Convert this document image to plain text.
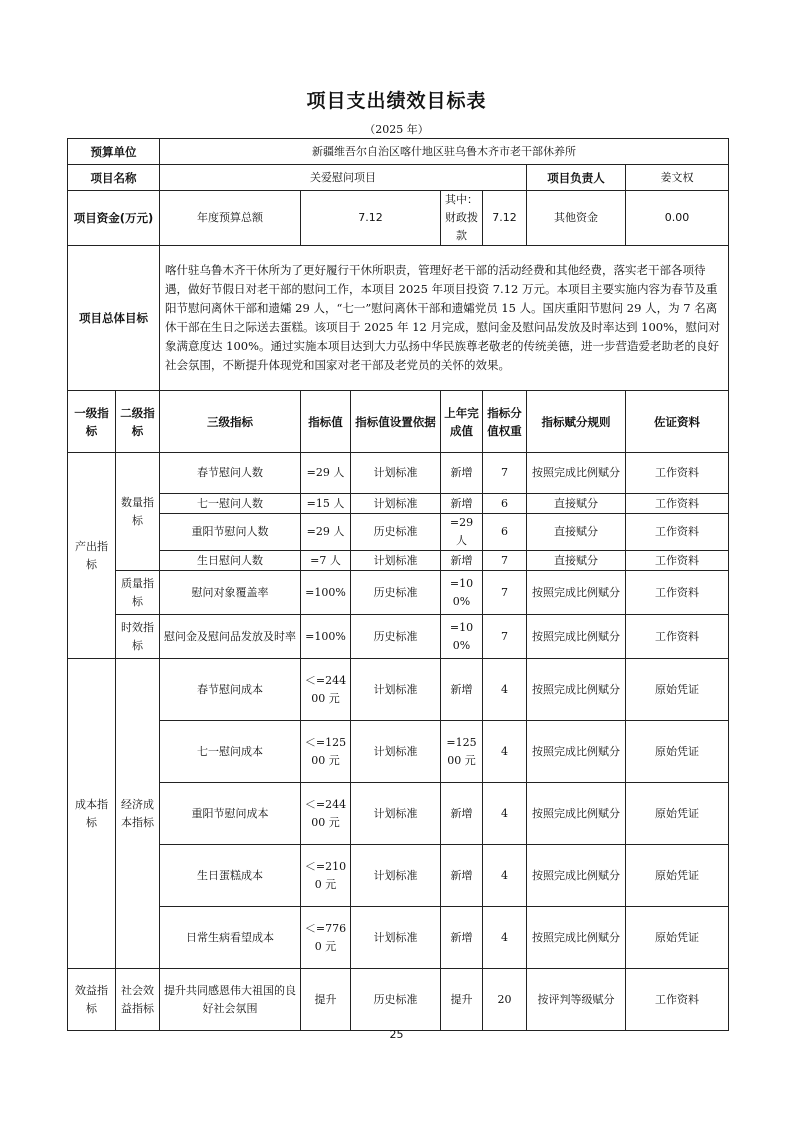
项目支出绩效目标表
（2025 年）
预算单位		新疆维吾尔自治区喀什地区驻乌鲁木齐市老干部休养所						
项目名称		关爱慰问项目					项目负责人	姜文权
项目资金(万元)		年度预算总额	7.12		其中：财政拨款	7.12	其他资金	0.00
项目总体目标		喀什驻乌鲁木齐干休所为了更好履行干休所职责，管理好老干部的活动经费和其他经费，落实老干部各项待遇，做好节假日对老干部的慰问工作，本项目 2025 年项目投资 7.12 万元。本项目主要实施内容为春节及重阳节慰问离休干部和遗孀 29 人，“七一”慰问离休干部和遗孀党员 15 人。国庆重阳节慰问 29 人，为 7 名离休干部在生日之际送去蛋糕。该项目于 2025 年 12 月完成，慰问金及慰问品发放及时率达到 100%，慰问对象满意度达 100%。通过实施本项目达到大力弘扬中华民族尊老敬老的传统美德，进一步营造爱老助老的良好社会氛围，不断提升体现党和国家对老干部及老党员的关怀的效果。						
一级指标	二级指标	三级指标	指标值	指标值设置依据	上年完成值	指标分值权重	指标赋分规则	佐证资料
产出指标	数量指标	春节慰问人数	=29 人	计划标准	新增	7	按照完成比例赋分	工作资料
		七一慰问人数	=15 人	计划标准	新增	6	直接赋分	工作资料
		重阳节慰问人数	=29 人	历史标准	=29 人	6	直接赋分	工作资料
		生日慰问人数	=7 人	计划标准	新增	7	直接赋分	工作资料
	质量指标	慰问对象覆盖率	=100%	历史标准	=100%	7	按照完成比例赋分	工作资料
	时效指标	慰问金及慰问品发放及时率	=100%	历史标准	=100%	7	按照完成比例赋分	工作资料
成本指标	经济成本指标	春节慰问成本	＜=24400 元	计划标准	新增	4	按照完成比例赋分	原始凭证
		七一慰问成本	＜=12500 元	计划标准	=12500 元	4	按照完成比例赋分	原始凭证
		重阳节慰问成本	＜=24400 元	计划标准	新增	4	按照完成比例赋分	原始凭证
		生日蛋糕成本	＜=2100 元	计划标准	新增	4	按照完成比例赋分	原始凭证
		日常生病看望成本	＜=7760 元	计划标准	新增	4	按照完成比例赋分	原始凭证
效益指标	社会效益指标	提升共同感恩伟大祖国的良好社会氛围	提升	历史标准	提升	20	按评判等级赋分	工作资料
25
